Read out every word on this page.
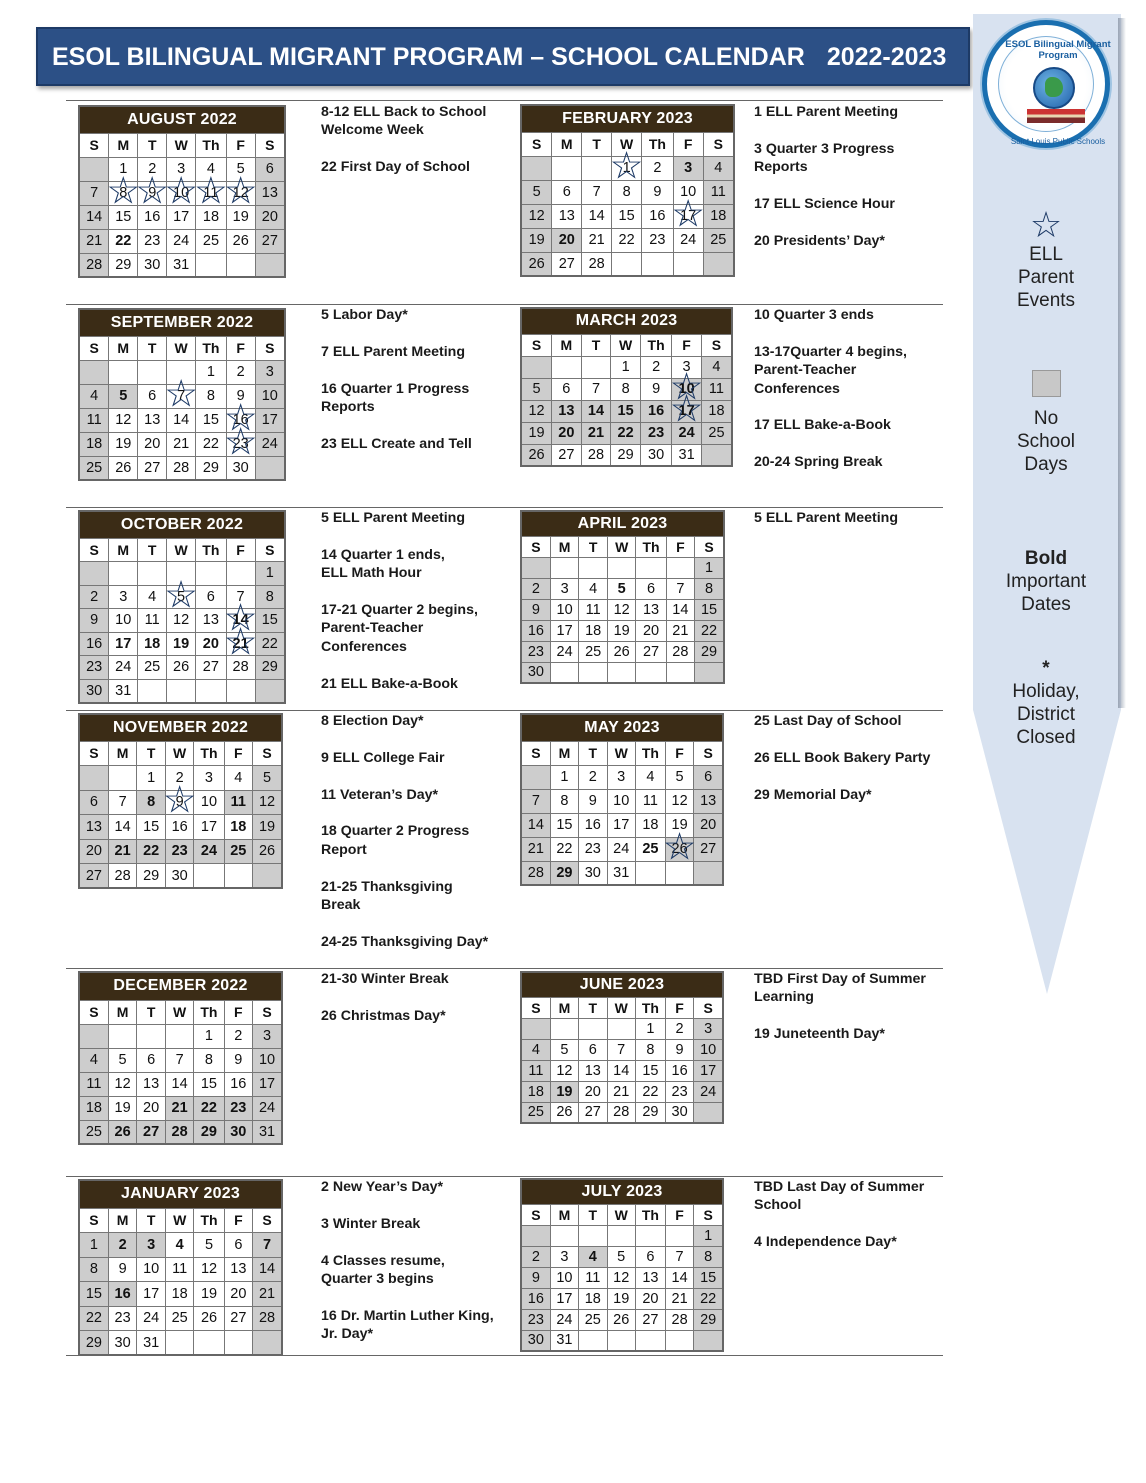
ESOL BILINGUAL MIGRANT PROGRAM – SCHOOL CALENDAR 2022-2023	ESOL Bilingual Migrant Program
Saint Louis Public Schools
☆
ELL
Parent
Events
No
School
Days
Bold
Important
Dates
*
Holiday,
District
Closed
AUGUST 2022						
S	M	T	W	Th	F	S
	1	2	3	4	5	6
7	8 ☆	9 ☆	10 ☆	11 ☆	12 ☆	13
14	15	16	17	18	19	20
21	22	23	24	25	26	27
28	29	30	31			
8-12 ELL Back to School
Welcome Week
22 First Day of School
SEPTEMBER 2022						
S	M	T	W	Th	F	S
				1	2	3
4	5	6	7 ☆	8	9	10
11	12	13	14	15	16 ☆	17
18	19	20	21	22	23 ☆	24
25	26	27	28	29	30	
5 Labor Day*
7 ELL Parent Meeting
16 Quarter 1 Progress
Reports
23 ELL Create and Tell
OCTOBER 2022						
S	M	T	W	Th	F	S
						1
2	3	4	5 ☆	6	7	8
9	10	11	12	13	14 ☆	15
16	17	18	19	20	21 ☆	22
23	24	25	26	27	28	29
30	31					
5 ELL Parent Meeting
14 Quarter 1 ends,
ELL Math Hour
17-21 Quarter 2 begins,
Parent-Teacher
Conferences
21 ELL Bake-a-Book
NOVEMBER 2022						
S	M	T	W	Th	F	S
		1	2	3	4	5
6	7	8	9 ☆	10	11	12
13	14	15	16	17	18	19
20	21	22	23	24	25	26
27	28	29	30			
8 Election Day*
9 ELL College Fair
11 Veteran’s Day*
18 Quarter 2 Progress
Report
21-25 Thanksgiving
Break
24-25 Thanksgiving Day*
DECEMBER 2022						
S	M	T	W	Th	F	S
				1	2	3
4	5	6	7	8	9	10
11	12	13	14	15	16	17
18	19	20	21	22	23	24
25	26	27	28	29	30	31
21-30 Winter Break
26 Christmas Day*
JANUARY 2023						
S	M	T	W	Th	F	S
1	2	3	4	5	6	7
8	9	10	11	12	13	14
15	16	17	18	19	20	21
22	23	24	25	26	27	28
29	30	31				
2 New Year’s Day*
3 Winter Break
4 Classes resume,
Quarter 3 begins
16 Dr. Martin Luther King,
Jr. Day*
FEBRUARY 2023						
S	M	T	W	Th	F	S
			1 ☆	2	3	4
5	6	7	8	9	10	11
12	13	14	15	16	17 ☆	18
19	20	21	22	23	24	25
26	27	28				
1 ELL Parent Meeting
3 Quarter 3 Progress
Reports
17 ELL Science Hour
20 Presidents’ Day*
MARCH 2023						
S	M	T	W	Th	F	S
			1	2	3	4
5	6	7	8	9	10 ☆	11
12	13	14	15	16	17 ☆	18
19	20	21	22	23	24	25
26	27	28	29	30	31	
10 Quarter 3 ends
13-17Quarter 4 begins,
Parent-Teacher
Conferences
17 ELL Bake-a-Book
20-24 Spring Break
APRIL 2023						
S	M	T	W	Th	F	S
						1
2	3	4	5	6	7	8
9	10	11	12	13	14	15
16	17	18	19	20	21	22
23	24	25	26	27	28	29
30						
5 ELL Parent Meeting
MAY 2023						
S	M	T	W	Th	F	S
	1	2	3	4	5	6
7	8	9	10	11	12	13
14	15	16	17	18	19	20
21	22	23	24	25	26 ☆	27
28	29	30	31			
25 Last Day of School
26 ELL Book Bakery Party
29 Memorial Day*
JUNE 2023						
S	M	T	W	Th	F	S
				1	2	3
4	5	6	7	8	9	10
11	12	13	14	15	16	17
18	19	20	21	22	23	24
25	26	27	28	29	30	
TBD First Day of Summer
Learning
19 Juneteenth Day*
JULY 2023						
S	M	T	W	Th	F	S
						1
2	3	4	5	6	7	8
9	10	11	12	13	14	15
16	17	18	19	20	21	22
23	24	25	26	27	28	29
30	31					
TBD Last Day of Summer
School
4 Independence Day*
